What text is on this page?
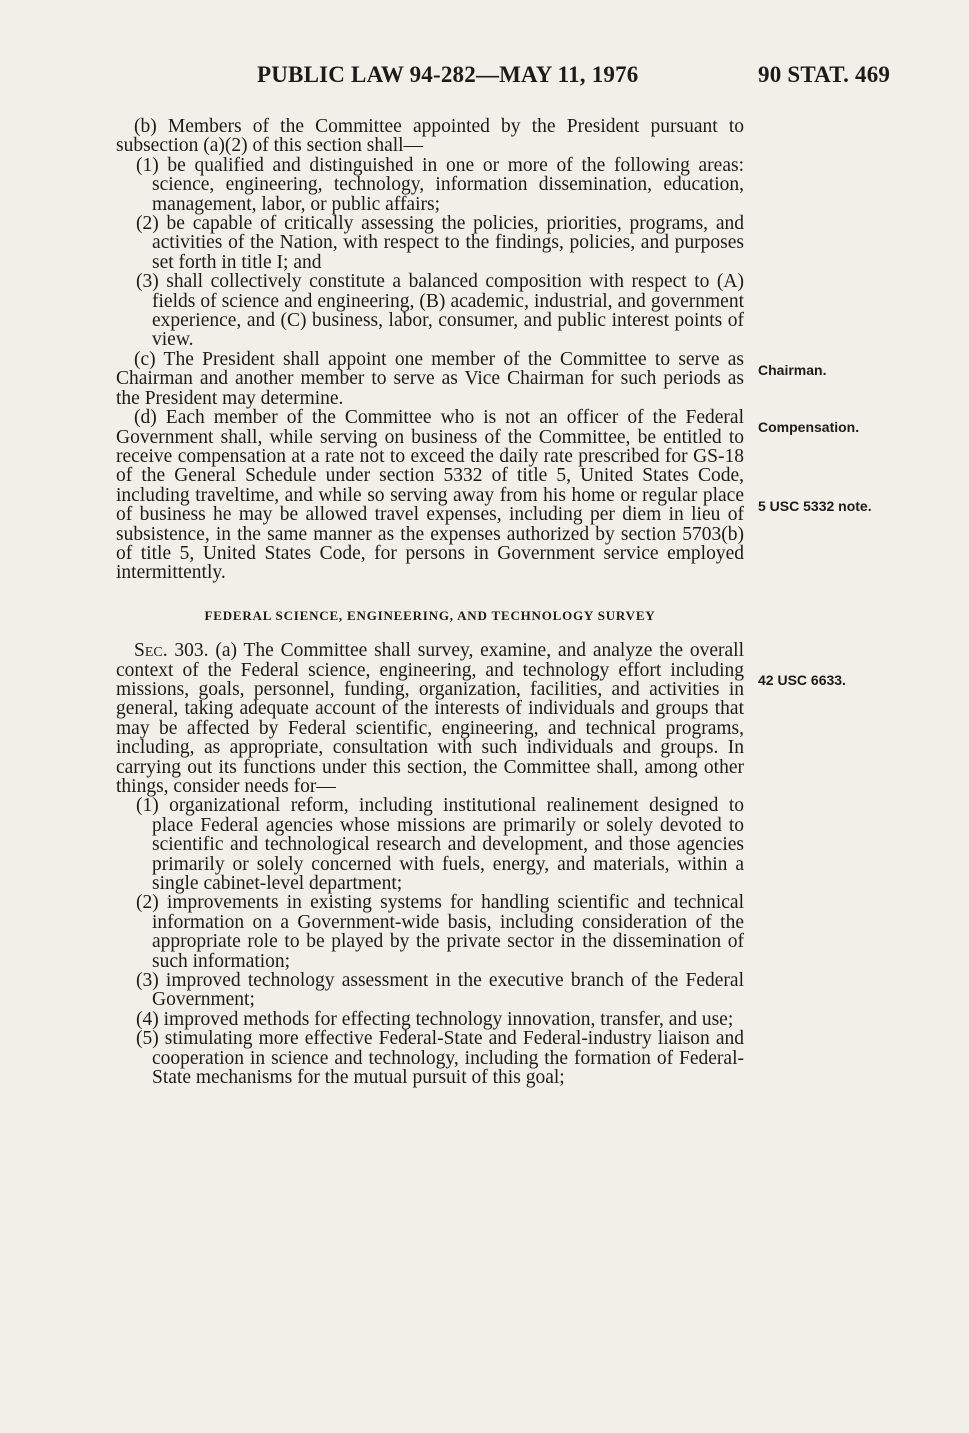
PUBLIC LAW 94-282—MAY 11, 1976	90 STAT. 469

(b) Members of the Committee appointed by the President pursuant to subsection (a)(2) of this section shall—

(1) be qualified and distinguished in one or more of the following areas: science, engineering, technology, information dissemination, education, management, labor, or public affairs;

(2) be capable of critically assessing the policies, priorities, programs, and activities of the Nation, with respect to the findings, policies, and purposes set forth in title I; and

(3) shall collectively constitute a balanced composition with respect to (A) fields of science and engineering, (B) academic, industrial, and government experience, and (C) business, labor, consumer, and public interest points of view.

(c) The President shall appoint one member of the Committee to serve as Chairman and another member to serve as Vice Chairman for such periods as the President may determine.

(d) Each member of the Committee who is not an officer of the Federal Government shall, while serving on business of the Committee, be entitled to receive compensation at a rate not to exceed the daily rate prescribed for GS-18 of the General Schedule under section 5332 of title 5, United States Code, including traveltime, and while so serving away from his home or regular place of business he may be allowed travel expenses, including per diem in lieu of subsistence, in the same manner as the expenses authorized by section 5703(b) of title 5, United States Code, for persons in Government service employed intermittently.

FEDERAL SCIENCE, ENGINEERING, AND TECHNOLOGY SURVEY

Sec. 303. (a) The Committee shall survey, examine, and analyze the overall context of the Federal science, engineering, and technology effort including missions, goals, personnel, funding, organization, facilities, and activities in general, taking adequate account of the interests of individuals and groups that may be affected by Federal scientific, engineering, and technical programs, including, as appropriate, consultation with such individuals and groups. In carrying out its functions under this section, the Committee shall, among other things, consider needs for—

(1) organizational reform, including institutional realinement designed to place Federal agencies whose missions are primarily or solely devoted to scientific and technological research and development, and those agencies primarily or solely concerned with fuels, energy, and materials, within a single cabinet-level department;

(2) improvements in existing systems for handling scientific and technical information on a Government-wide basis, including consideration of the appropriate role to be played by the private sector in the dissemination of such information;

(3) improved technology assessment in the executive branch of the Federal Government;

(4) improved methods for effecting technology innovation, transfer, and use;

(5) stimulating more effective Federal-State and Federal-industry liaison and cooperation in science and technology, including the formation of Federal-State mechanisms for the mutual pursuit of this goal;

Chairman.
Compensation.
5 USC 5332 note.
42 USC 6633.
